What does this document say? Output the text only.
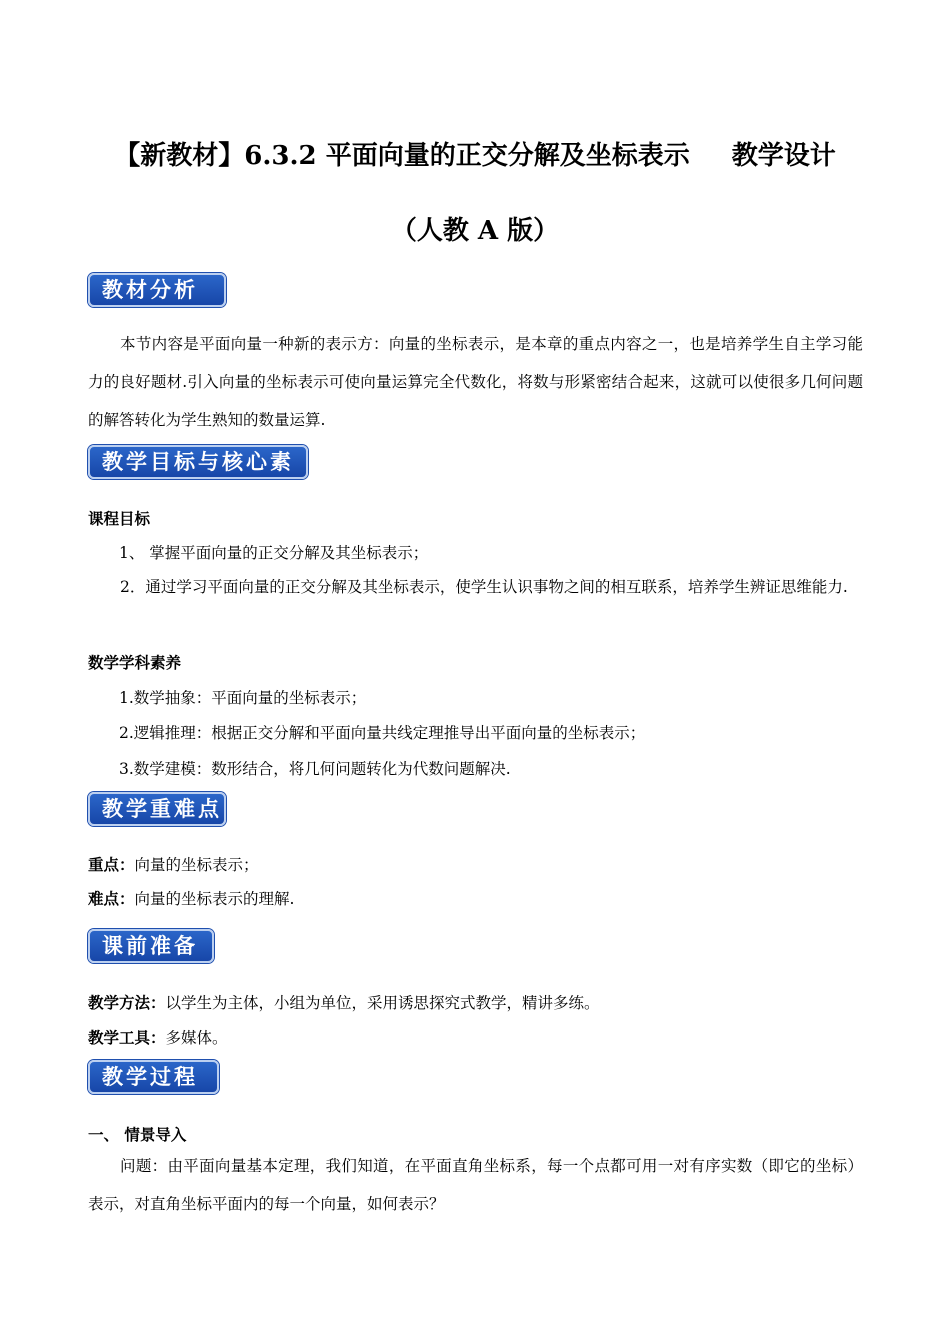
【新教材】6.3.2 平面向量的正交分解及坐标表示 教学设计
（人教 A 版）
教材分析

本节内容是平面向量一种新的表示方：向量的坐标表示，是本章的重点内容之一，也是培养学生自主学习能力的良好题材.引入向量的坐标表示可使向量运算完全代数化，将数与形紧密结合起来，这就可以使很多几何问题的解答转化为学生熟知的数量运算.

教学目标与核心素养

课程目标

1、 掌握平面向量的正交分解及其坐标表示；

2．通过学习平面向量的正交分解及其坐标表示，使学生认识事物之间的相互联系，培养学生辨证思维能力.

数学学科素养

1.数学抽象：平面向量的坐标表示；

2.逻辑推理：根据正交分解和平面向量共线定理推导出平面向量的坐标表示；

3.数学建模：数形结合，将几何问题转化为代数问题解决.

教学重难点

重点：向量的坐标表示；

难点：向量的坐标表示的理解.

课前准备

教学方法：以学生为主体，小组为单位，采用诱思探究式教学，精讲多练。

教学工具：多媒体。

教学过程

一、 情景导入

问题：由平面向量基本定理，我们知道，在平面直角坐标系，每一个点都可用一对有序实数（即它的坐标）表示，对直角坐标平面内的每一个向量，如何表示？
